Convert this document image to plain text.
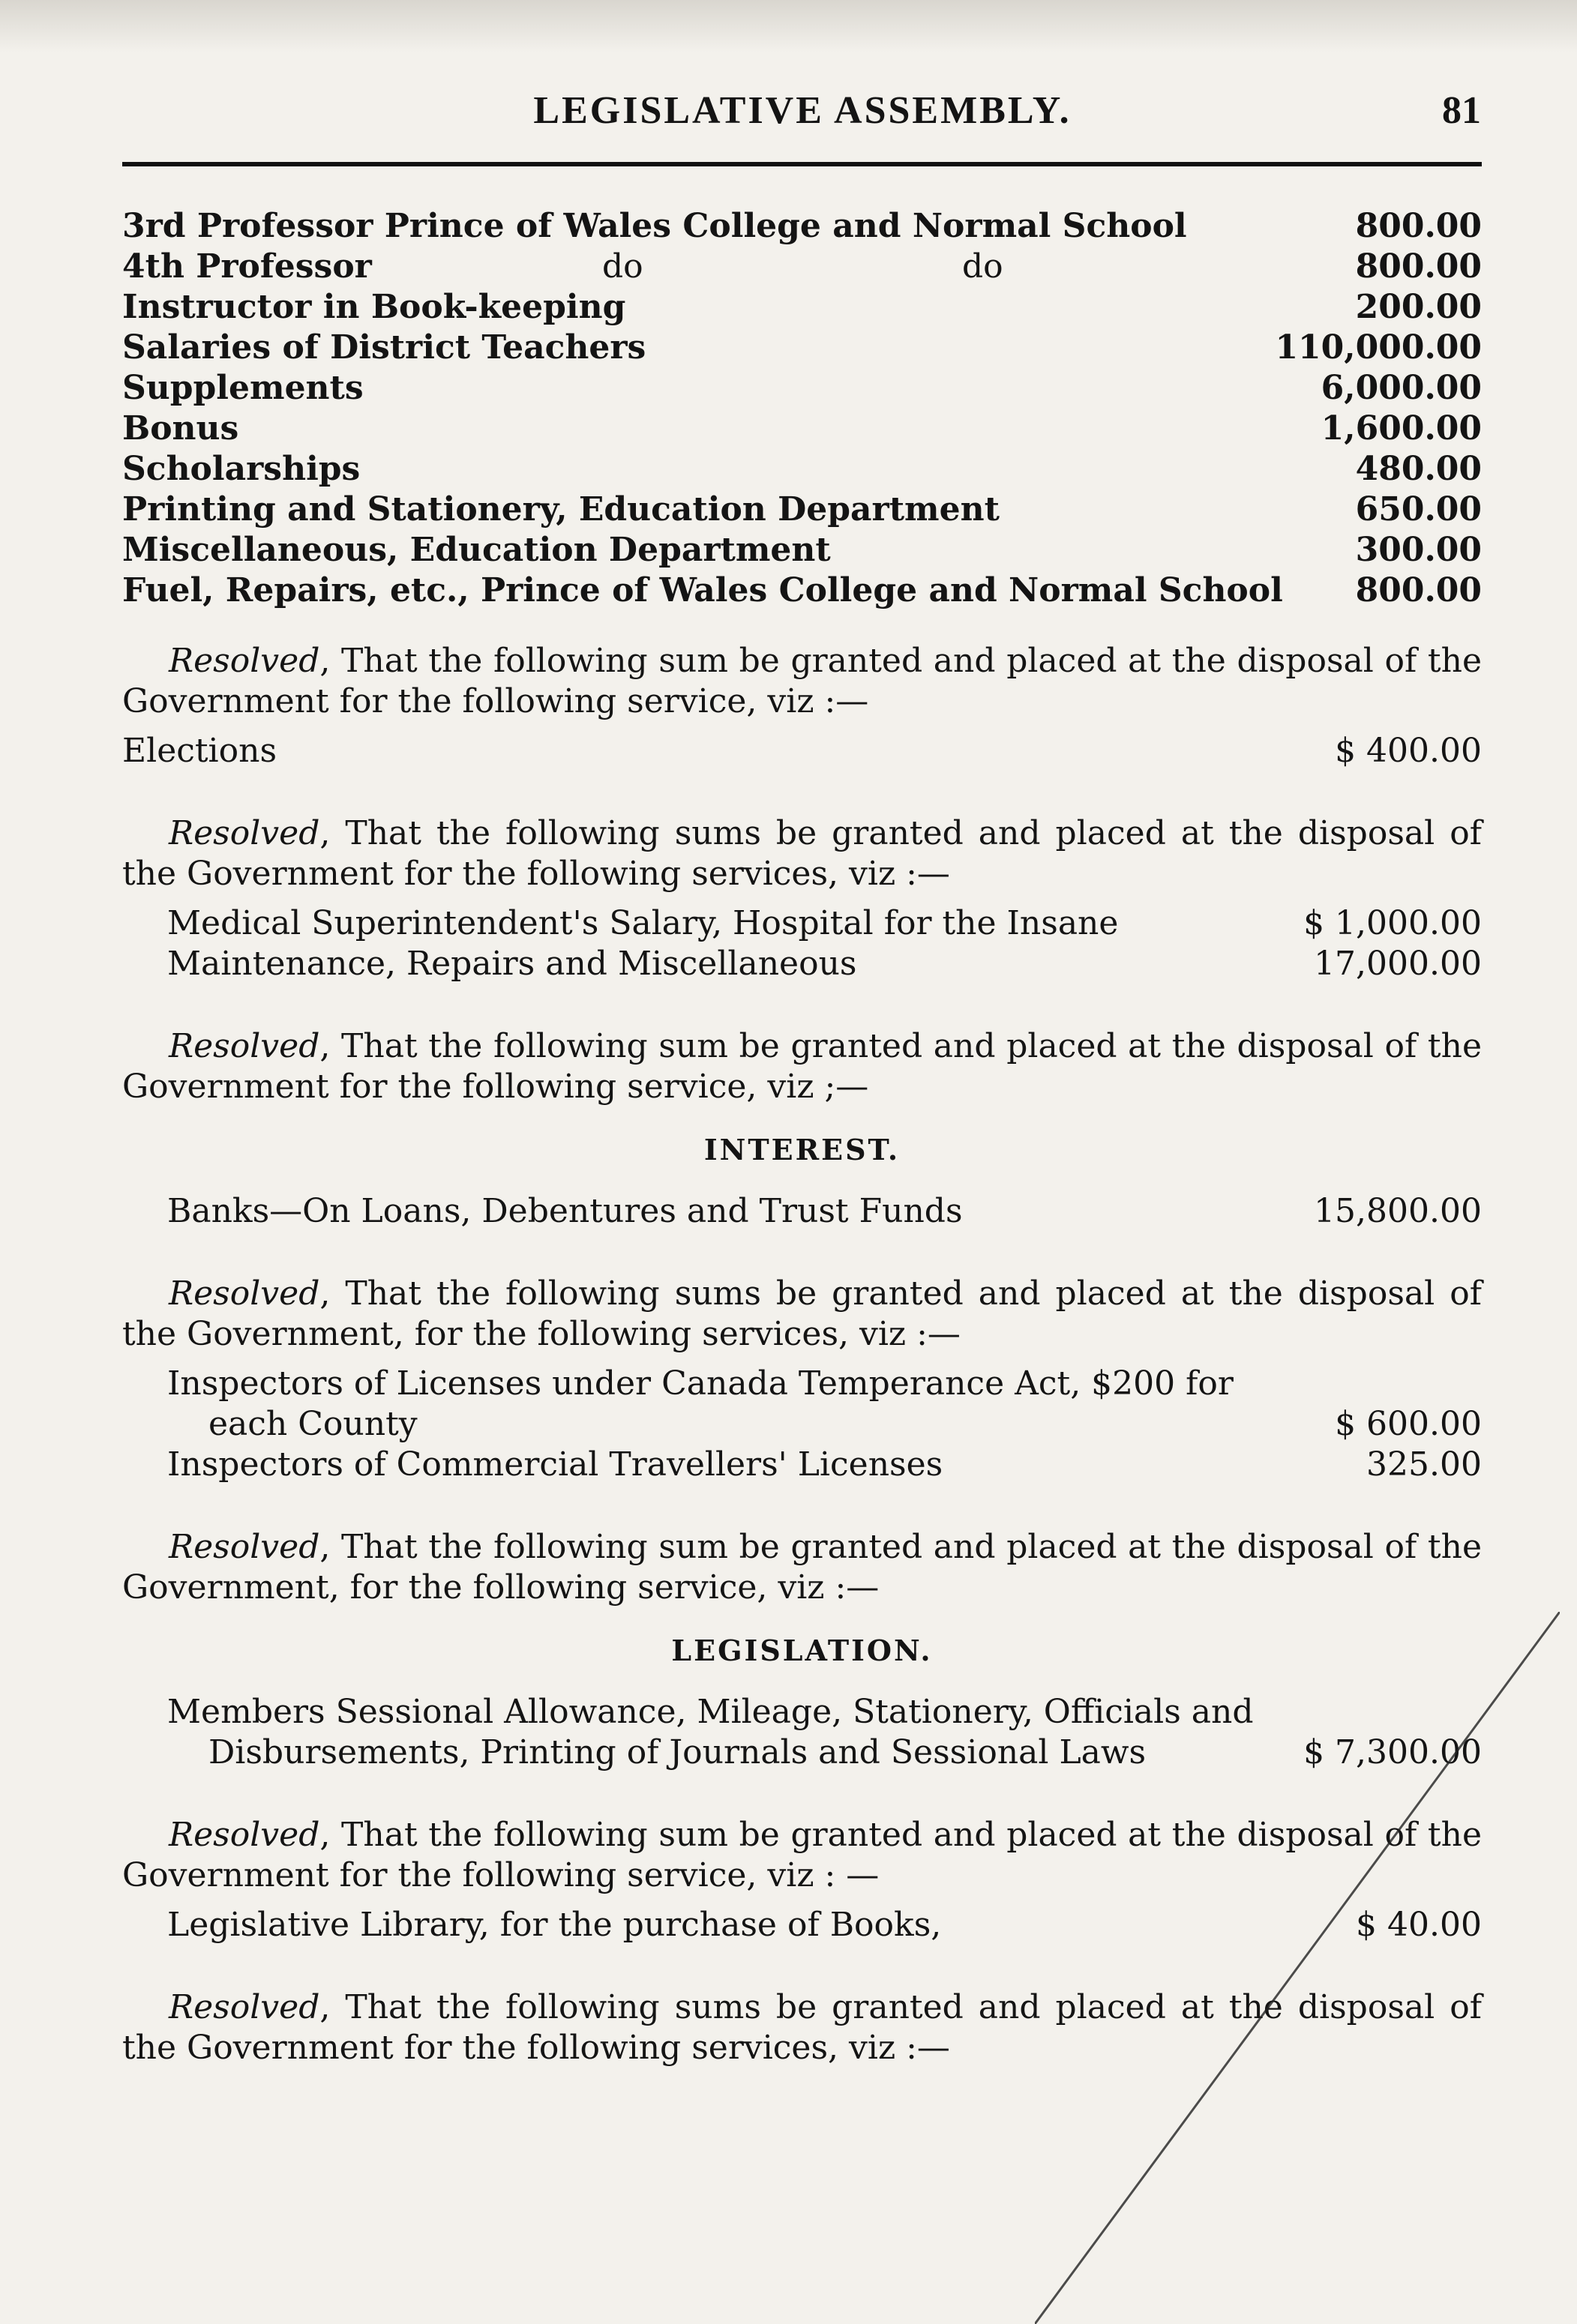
LEGISLATIVE ASSEMBLY.	81
3rd Professor Prince of Wales College and Normal School	800.00
4th Professor	do	do	800.00
Instructor in Book-keeping	200.00
Salaries of District Teachers	110,000.00
Supplements	6,000.00
Bonus	1,600.00
Scholarships	480.00
Printing and Stationery, Education Department	650.00
Miscellaneous, Education Department	300.00
Fuel, Repairs, etc., Prince of Wales College and Normal School 800.00
Resolved, That the following sum be granted and placed at the disposal of the Government for the following service, viz :—
Elections	$ 400.00
Resolved, That the following sums be granted and placed at the disposal of the Government for the following services, viz :—
Medical Superintendent's Salary, Hospital for the Insane	$ 1,000.00
Maintenance, Repairs and Miscellaneous	17,000.00
Resolved, That the following sum be granted and placed at the disposal of the Government for the following service, viz ;—
INTEREST.
Banks—On Loans, Debentures and Trust Funds	15,800.00
Resolved, That the following sums be granted and placed at the disposal of the Government, for the following services, viz :—
Inspectors of Licenses under Canada Temperance Act, $200 for
each County	$ 600.00
Inspectors of Commercial Travellers' Licenses	325.00
Resolved, That the following sum be granted and placed at the disposal of the Government, for the following service, viz :—
LEGISLATION.
Members Sessional Allowance, Mileage, Stationery, Officials and
Disbursements, Printing of Journals and Sessional Laws	$ 7,300.00
Resolved, That the following sum be granted and placed at the disposal of the Government for the following service, viz : —
Legislative Library, for the purchase of Books,	$ 40.00
Resolved, That the following sums be granted and placed at the disposal of the Government for the following services, viz :—
